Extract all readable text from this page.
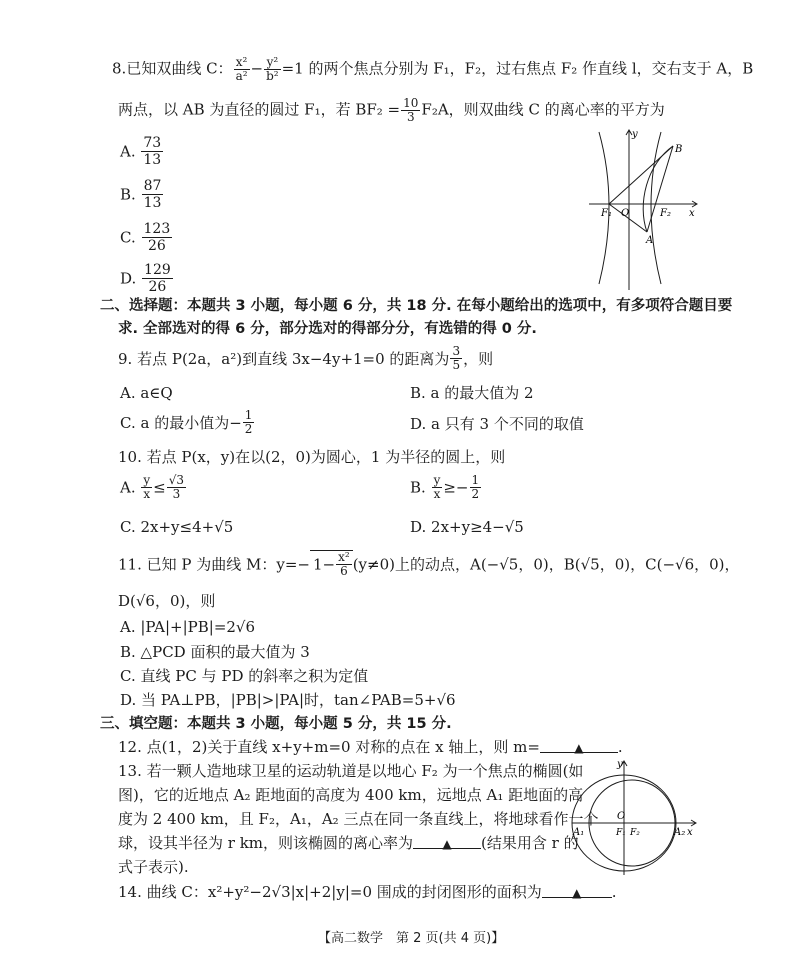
8.已知双曲线 C： $\frac{\text{x²}}{\text{a²}} - \frac{\text{y²}}{\text{b²}} =1$ 的两个焦点分别为 F₁，F₂，过右焦点 F₂ 作直线 l，交右支于 A，B
两点，以 AB 为直径的圆过 F₁，若 $BF_2 = \frac{10}{3} F_2A$，则双曲线 C 的离心率的平方为
A. $\frac{73}{13}$
B. $\frac{87}{13}$
C. $\frac{123}{26}$
D. $\frac{129}{26}$
y
x
O
F₁	F₂
B
A
二、选择题：本题共 3 小题，每小题 6 分，共 18 分. 在每小题给出的选项中，有多项符合题目要
求. 全部选对的得 6 分，部分选对的得部分分，有选错的得 0 分.
9. 若点 P(2a，a²)到直线 3x−4y+1=0 的距离为 $\frac{3}{5}$ ，则
A. a∈Q	B. a 的最大值为 2
C. a 的最小值为− $\frac{1}{2}$	D. a 只有 3 个不同的取值
10. 若点 P(x，y)在以(2，0)为圆心，1 为半径的圆上，则
A. $\frac{y}{x} \le \frac{√3}{3}$	B. $\frac{y}{x} \ge- \frac{1}{2}$
C. 2x+y≤4+√5	D. 2x+y≥4−√5
11. 已知 P 为曲线 M：$y=- 1- \frac{\text{x²}}{6} (y\ne 0)$上的动点，A(−√5，0)，B(√5，0)，C(−√6，0)，
D(√6，0)，则
A. |PA|+|PB|=2√6
B. △PCD 面积的最大值为 3
C. 直线 PC 与 PD 的斜率之积为定值
D. 当 PA⊥PB，|PB|>|PA|时，tan∠PAB=5+√6
三、填空题：本题共 3 小题，每小题 5 分，共 15 分.
12. 点(1，2)关于直线 x+y+m=0 对称的点在 x 轴上，则 m=	▲ .
13. 若一颗人造地球卫星的运动轨道是以地心 F₂ 为一个焦点的椭圆(如
图)，它的近地点 A₂ 距地面的高度为 400 km，远地点 A₁ 距地面的高
度为 2 400 km，且 F₂，A₁，A₂ 三点在同一条直线上，将地球看作一个
球，设其半径为 r km，则该椭圆的离心率为 ▲ (结果用含 r 的
式子表示).
y
x
O
A₁	A₂
F₁ F₂
14. 曲线 C：x²+y²−2√3|x|+2|y|=0 围成的封闭图形的面积为	▲ .
【高二数学　第 2 页(共 4 页)】
